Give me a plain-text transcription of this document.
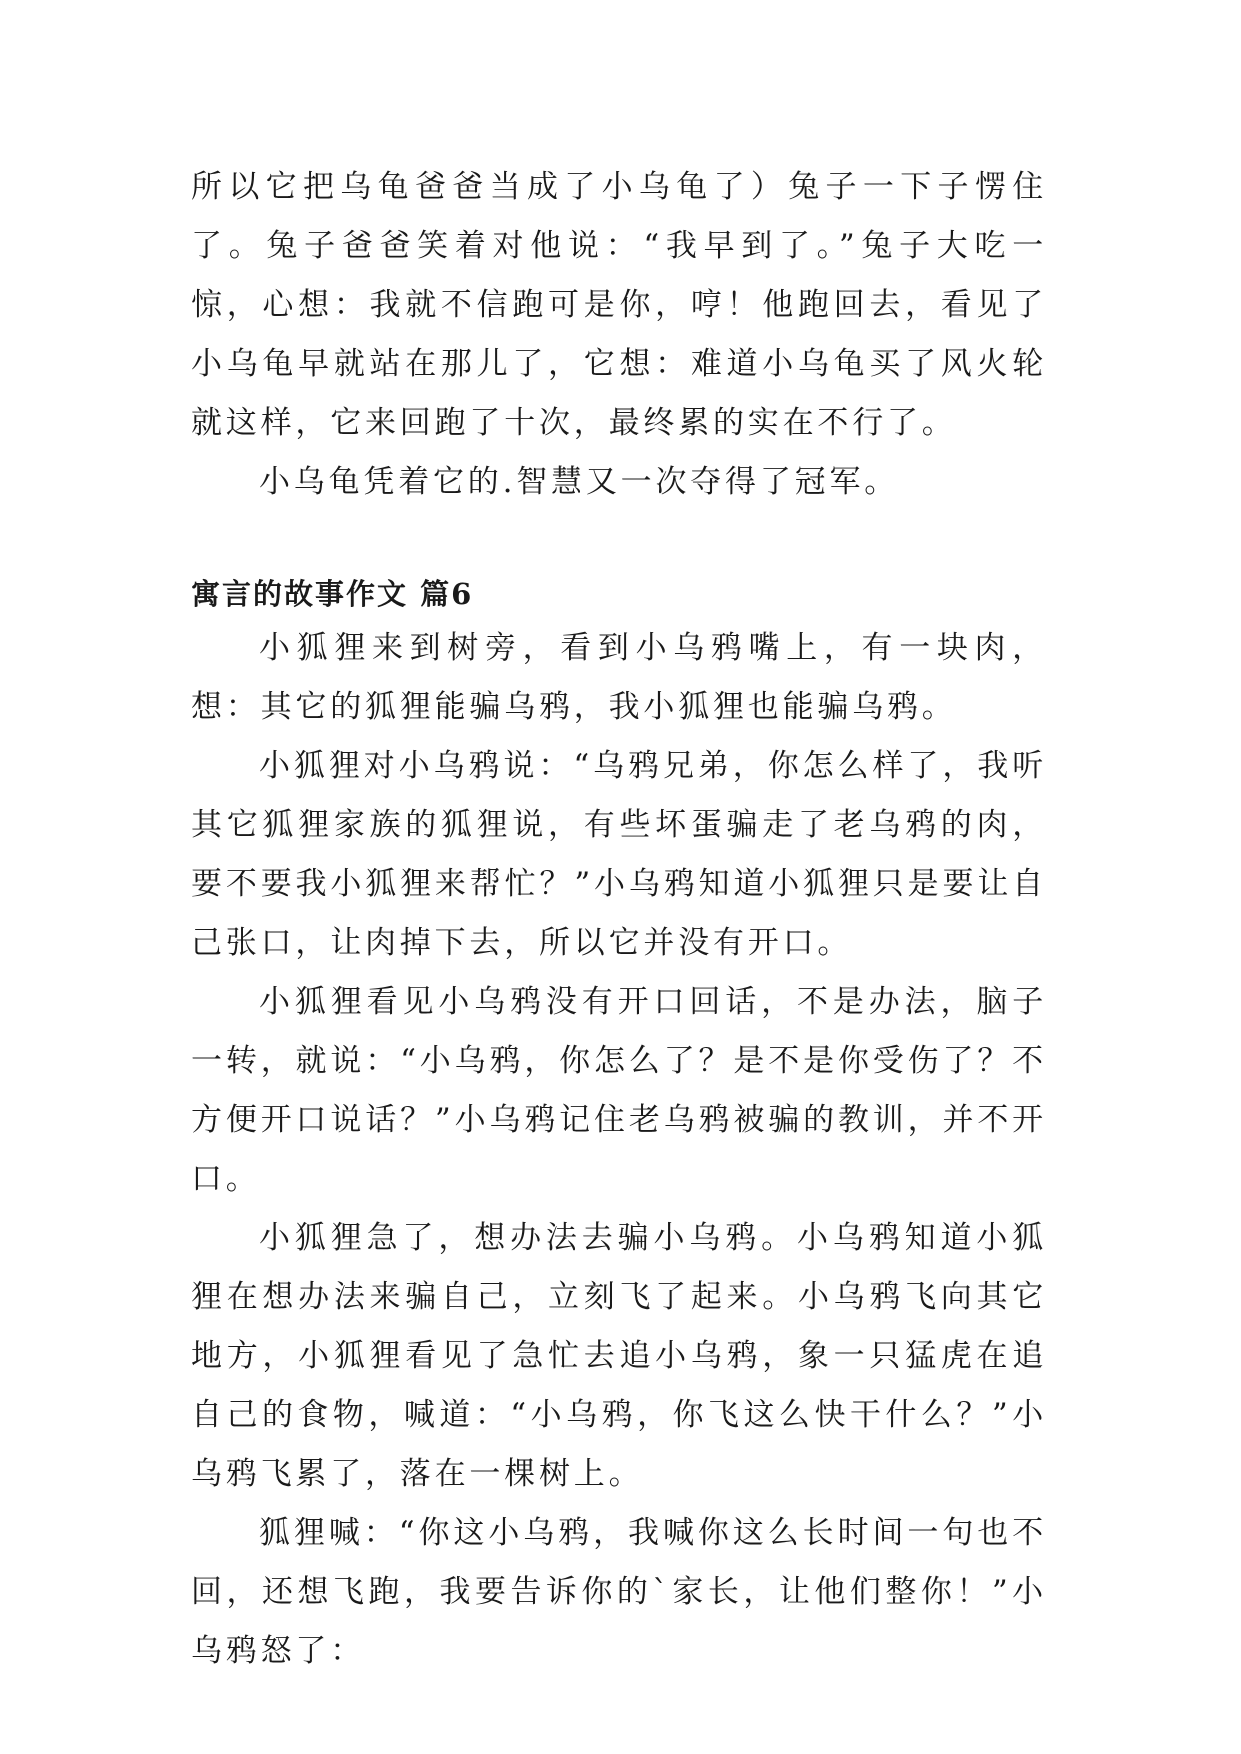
所以它把乌龟爸爸当成了小乌龟了）兔子一下子愣住了。兔子爸爸笑着对他说：“我早到了。”兔子大吃一惊，心想：我就不信跑可是你，哼！他跑回去，看见了小乌龟早就站在那儿了，它想：难道小乌龟买了风火轮就这样，它来回跑了十次，最终累的实在不行了。

小乌龟凭着它的.智慧又一次夺得了冠军。

寓言的故事作文 篇6

小狐狸来到树旁，看到小乌鸦嘴上，有一块肉，想：其它的狐狸能骗乌鸦，我小狐狸也能骗乌鸦。

小狐狸对小乌鸦说：“乌鸦兄弟，你怎么样了，我听其它狐狸家族的狐狸说，有些坏蛋骗走了老乌鸦的肉，要不要我小狐狸来帮忙？”小乌鸦知道小狐狸只是要让自己张口，让肉掉下去，所以它并没有开口。

小狐狸看见小乌鸦没有开口回话，不是办法，脑子一转，就说：“小乌鸦，你怎么了？是不是你受伤了？不方便开口说话？”小乌鸦记住老乌鸦被骗的教训，并不开口。

小狐狸急了，想办法去骗小乌鸦。小乌鸦知道小狐狸在想办法来骗自己，立刻飞了起来。小乌鸦飞向其它地方，小狐狸看见了急忙去追小乌鸦，象一只猛虎在追自己的食物，喊道：“小乌鸦，你飞这么快干什么？”小乌鸦飞累了，落在一棵树上。

狐狸喊：“你这小乌鸦，我喊你这么长时间一句也不回，还想飞跑，我要告诉你的`家长，让他们整你！”小乌鸦怒了：
